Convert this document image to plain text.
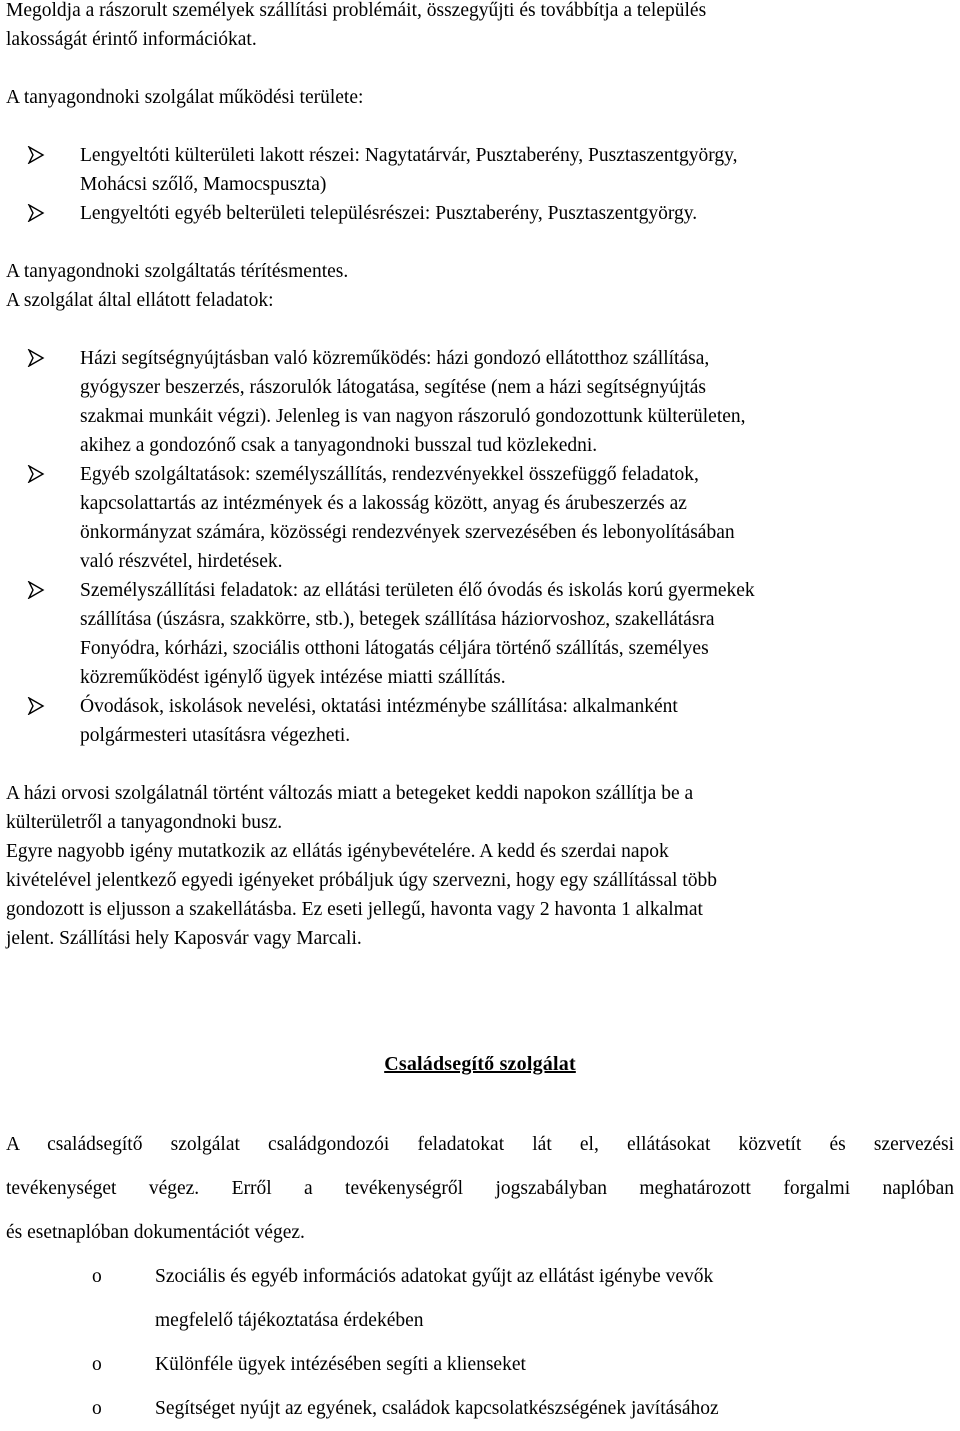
Megoldja a rászorult személyek szállítási problémáit, összegyűjti és továbbítja a település
lakosságát érintő információkat.

A tanyagondnoki szolgálat működési területe:

Lengyeltóti külterületi lakott részei: Nagytatárvár, Pusztaberény, Pusztaszentgyörgy,
Mohácsi szőlő, Mamocspuszta)
Lengyeltóti egyéb belterületi településrészei: Pusztaberény, Pusztaszentgyörgy.

A tanyagondnoki szolgáltatás térítésmentes.

A szolgálat által ellátott feladatok:

Házi segítségnyújtásban való közreműködés: házi gondozó ellátotthoz szállítása,
gyógyszer beszerzés, rászorulók látogatása, segítése (nem a házi segítségnyújtás
szakmai munkáit végzi). Jelenleg is van nagyon rászoruló gondozottunk külterületen,
akihez a gondozónő csak a tanyagondnoki busszal tud közlekedni.
Egyéb szolgáltatások: személyszállítás, rendezvényekkel összefüggő feladatok,
kapcsolattartás az intézmények és a lakosság között, anyag és árubeszerzés az
önkormányzat számára, közösségi rendezvények szervezésében és lebonyolításában
való részvétel, hirdetések.
Személyszállítási feladatok: az ellátási területen élő óvodás és iskolás korú gyermekek
szállítása (úszásra, szakkörre, stb.), betegek szállítása háziorvoshoz, szakellátásra
Fonyódra, kórházi, szociális otthoni látogatás céljára történő szállítás, személyes
közreműködést igénylő ügyek intézése miatti szállítás.
Óvodások, iskolások nevelési, oktatási intézménybe szállítása: alkalmanként
polgármesteri utasításra végezheti.

A házi orvosi szolgálatnál történt változás miatt a betegeket keddi napokon szállítja be a
külterületről a tanyagondnoki busz.
Egyre nagyobb igény mutatkozik az ellátás igénybevételére. A kedd és szerdai napok
kivételével jelentkező egyedi igényeket próbáljuk úgy szervezni, hogy egy szállítással több
gondozott is eljusson a szakellátásba. Ez eseti jellegű, havonta vagy 2 havonta 1 alkalmat
jelent. Szállítási hely Kaposvár vagy Marcali.

Családsegítő szolgálat

A családsegítő szolgálat családgondozói feladatokat lát el, ellátásokat közvetít és szervezési
tevékenységet végez. Erről a tevékenységről jogszabályban meghatározott forgalmi naplóban
és esetnaplóban dokumentációt végez.

o	Szociális és egyéb információs adatokat gyűjt az ellátást igénybe vevők
megfelelő tájékoztatása érdekében
o	Különféle ügyek intézésében segíti a klienseket
o	Segítséget nyújt az egyének, családok kapcsolatkészségének javításához
